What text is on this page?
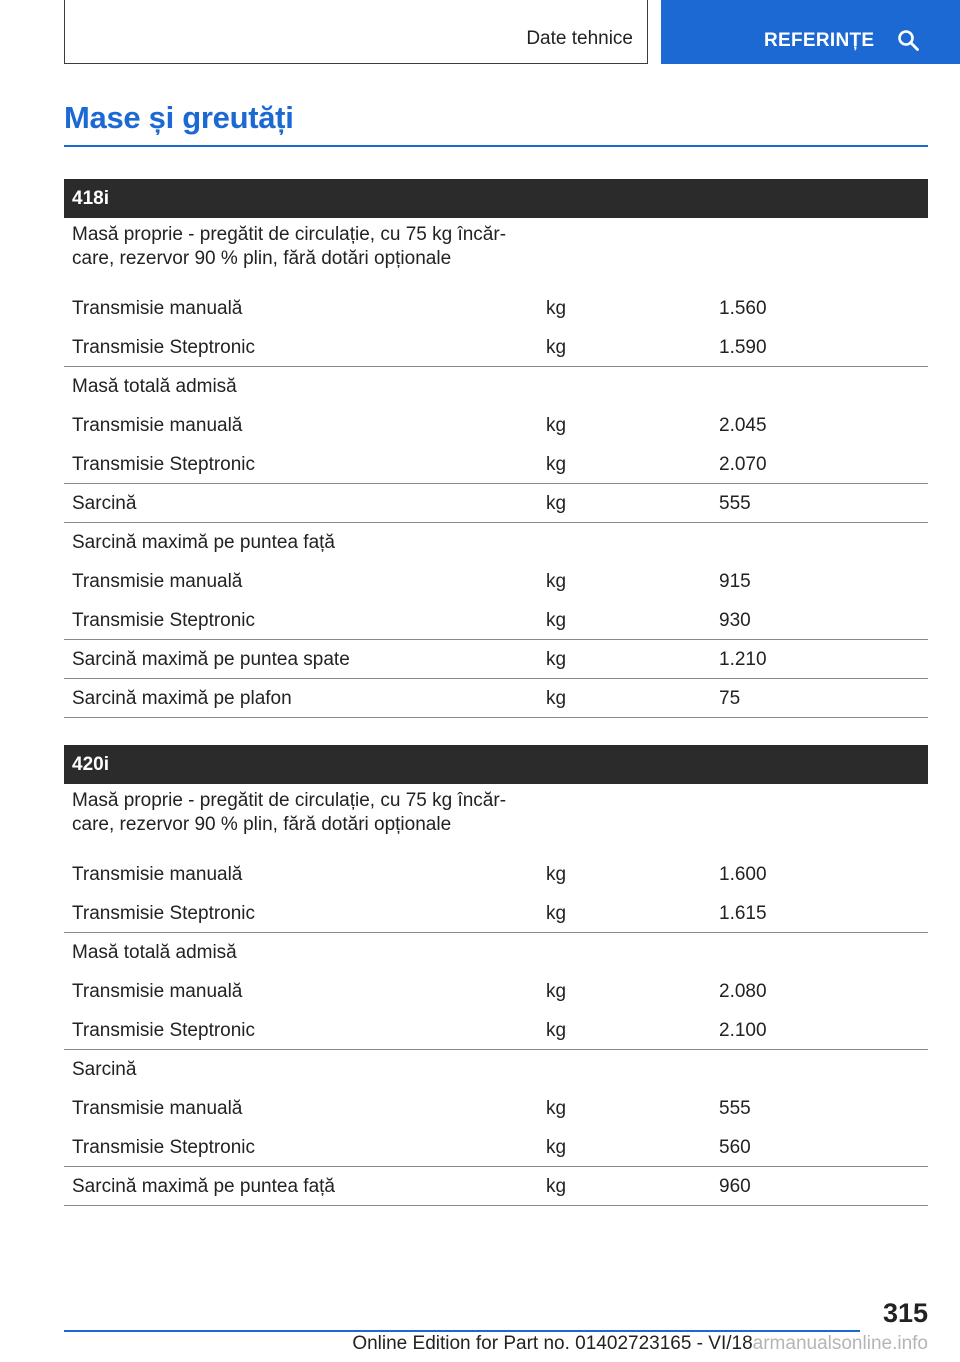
Date tehnice	REFERINȚE
Mase și greutăți
418i
Masă proprie - pregătit de circulație, cu 75 kg încăr-
care, rezervor 90 % plin, fără dotări opționale
Transmisie manuală	kg	1.560
Transmisie Steptronic	kg	1.590
Masă totală admisă
Transmisie manuală	kg	2.045
Transmisie Steptronic	kg	2.070
Sarcină	kg	555
Sarcină maximă pe puntea față
Transmisie manuală	kg	915
Transmisie Steptronic	kg	930
Sarcină maximă pe puntea spate	kg	1.210
Sarcină maximă pe plafon	kg	75
420i
Masă proprie - pregătit de circulație, cu 75 kg încăr-
care, rezervor 90 % plin, fără dotări opționale
Transmisie manuală	kg	1.600
Transmisie Steptronic	kg	1.615
Masă totală admisă
Transmisie manuală	kg	2.080
Transmisie Steptronic	kg	2.100
Sarcină
Transmisie manuală	kg	555
Transmisie Steptronic	kg	560
Sarcină maximă pe puntea față	kg	960
315
Online Edition for Part no. 01402723165 - VI/18armanualsonline.info
